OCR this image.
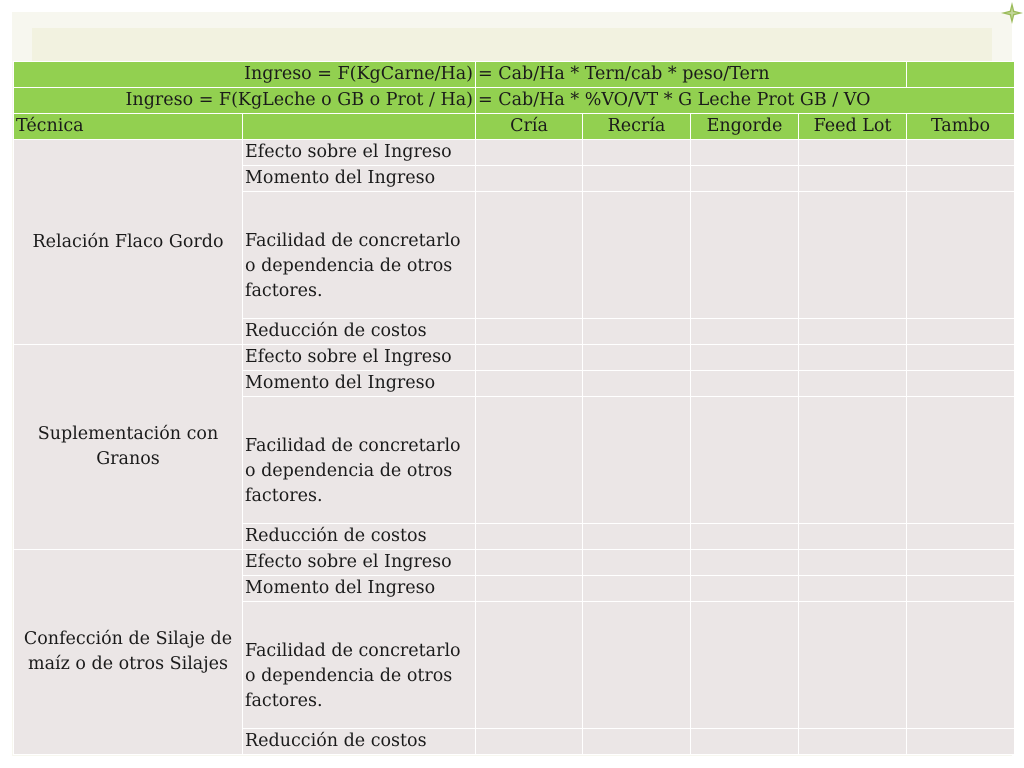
Ingreso = F(KgCarne/Ha)		= Cab/Ha * Tern/cab * peso/Tern				
Ingreso = F(KgLeche o GB o Prot / Ha)		= Cab/Ha * %VO/VT * G Leche Prot GB / VO				
Técnica		Cría	Recría	Engorde	Feed Lot	Tambo
Relación Flaco Gordo	Efecto sobre el Ingreso					
	Momento del Ingreso					
	Facilidad de concretarlo o dependencia de otros factores.					
	Reducción de costos					
Suplementación con Granos	Efecto sobre el Ingreso					
	Momento del Ingreso					
	Facilidad de concretarlo o dependencia de otros factores.					
	Reducción de costos					
Confección de Silaje de maíz o de otros Silajes	Efecto sobre el Ingreso					
	Momento del Ingreso					
	Facilidad de concretarlo o dependencia de otros factores.					
	Reducción de costos					
